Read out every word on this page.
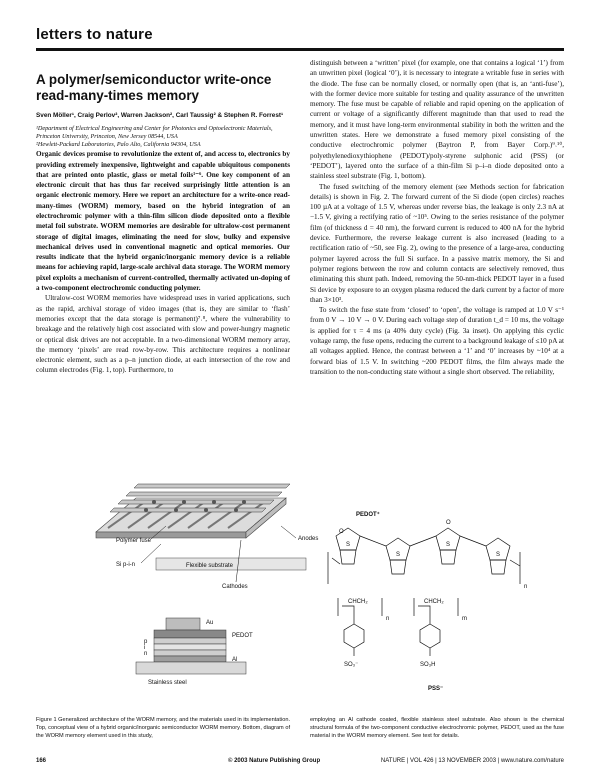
letters to nature
A polymer/semiconductor write-once read-many-times memory
Sven Möller¹, Craig Perlov², Warren Jackson², Carl Taussig² & Stephen R. Forrest¹
¹Department of Electrical Engineering and Center for Photonics and Optoelectronic Materials, Princeton University, Princeton, New Jersey 08544, USA
²Hewlett-Packard Laboratories, Palo Alto, California 94304, USA

Organic devices promise to revolutionize the extent of, and access to, electronics by providing extremely inexpensive, lightweight and capable ubiquitous components that are printed onto plastic, glass or metal foils¹⁻⁶. One key component of an electronic circuit that has thus far received surprisingly little attention is an organic electronic memory. Here we report an architecture for a write-once read-many-times (WORM) memory, based on the hybrid integration of an electrochromic polymer with a thin-film silicon diode deposited onto a flexible metal foil substrate. WORM memories are desirable for ultralow-cost permanent storage of digital images, eliminating the need for slow, bulky and expensive mechanical drives used in conventional magnetic and optical memories. Our results indicate that the hybrid organic/inorganic memory device is a reliable means for achieving rapid, large-scale archival data storage. The WORM memory pixel exploits a mechanism of current-controlled, thermally activated un-doping of a two-component electrochromic conducting polymer.

Ultralow-cost WORM memories have widespread uses in varied applications, such as the rapid, archival storage of video images (that is, they are similar to ‘flash’ memories except that the data storage is permanent)⁷˒⁸, where the vulnerability to breakage and the relatively high cost associated with slow and power-hungry magnetic or optical disk drives are not acceptable. In a two-dimensional WORM memory array, the memory ‘pixels’ are read row-by-row. This architecture requires a nonlinear electronic element, such as a p–n junction diode, at each intersection of the row and column electrodes (Fig. 1, top). Furthermore, to

distinguish between a ‘written’ pixel (for example, one that contains a logical ‘1’) from an unwritten pixel (logical ‘0’), it is necessary to integrate a writable fuse in series with the diode. The fuse can be normally closed, or normally open (that is, an ‘anti-fuse’), with the former device more suitable for testing and quality assurance of the unwritten memory. The fuse must be capable of reliable and rapid opening on the application of current or voltage of a significantly different magnitude than that used to read the memory, and it must have long-term environmental stability in both the written and the unwritten states. Here we demonstrate a fused memory pixel consisting of the conductive electrochromic polymer (Baytron P, from Bayer Corp.)⁹˒¹⁰, polyethylenedioxythiophene (PEDOT)/poly-styrene sulphonic acid (PSS) (or ‘PEDOT’), layered onto the surface of a thin-film Si p–i–n diode deposited onto a stainless steel substrate (Fig. 1, bottom).

The fused switching of the memory element (see Methods section for fabrication details) is shown in Fig. 2. The forward current of the Si diode (open circles) reaches 100 µA at a voltage of 1.5 V, whereas under reverse bias, the leakage is only 2.3 nA at −1.5 V, giving a rectifying ratio of ~10⁵. Owing to the series resistance of the polymer film (of thickness d = 40 nm), the forward current is reduced to 400 nA for the hybrid device. Furthermore, the reverse leakage current is also increased (leading to a rectification ratio of ~50, see Fig. 2), owing to the presence of a large-area, conducting polymer layered across the full Si surface. In a passive matrix memory, the Si and polymer regions between the row and column contacts are selectively removed, thus eliminating this shunt path. Indeed, removing the 50-nm-thick PEDOT layer in a fused Si device by exposure to an oxygen plasma reduced the dark current by a factor of more than 3×10³.

To switch the fuse state from ‘closed’ to ‘open’, the voltage is ramped at 1.0 V s⁻¹ from 0 V → 10 V → 0 V. During each voltage step of duration t_d = 10 ms, the voltage is applied for τ = 4 ms (a 40% duty cycle) (Fig. 3a inset). On applying this cyclic voltage ramp, the fuse opens, reducing the current to a background leakage of ≤10 pA at all voltages applied. Hence, the contrast between a ‘1’ and ‘0’ increases by ~10⁴ at a forward bias of 1.5 V. In switching ~200 PEDOT films, the film always made the transition to the non-conducting state without a single short observed. The reliability,

Polymer fuse
Si p-i-n	Flexible substrate
Cathodes
Anodes
Au
PEDOT
p
i
n
Al
Stainless steel
PEDOT⁺
S
S
S
S
O
O
n
CHCH₂	CHCH₂
n	m
SO₃⁻	SO₃H
PSS⁻
Figure 1 Generalized architecture of the WORM memory, and the materials used in its implementation. Top, conceptual view of a hybrid organic/inorganic semiconductor WORM memory. Bottom, diagram of the WORM memory element used in this study,
employing an Al cathode coated, flexible stainless steel substrate. Also shown is the chemical structural formula of the two-component conductive electrochromic polymer, PEDOT, used as the fuse material in the WORM memory element. See text for details.
166	© 2003 Nature Publishing Group	NATURE | VOL 426 | 13 NOVEMBER 2003 | www.nature.com/nature
